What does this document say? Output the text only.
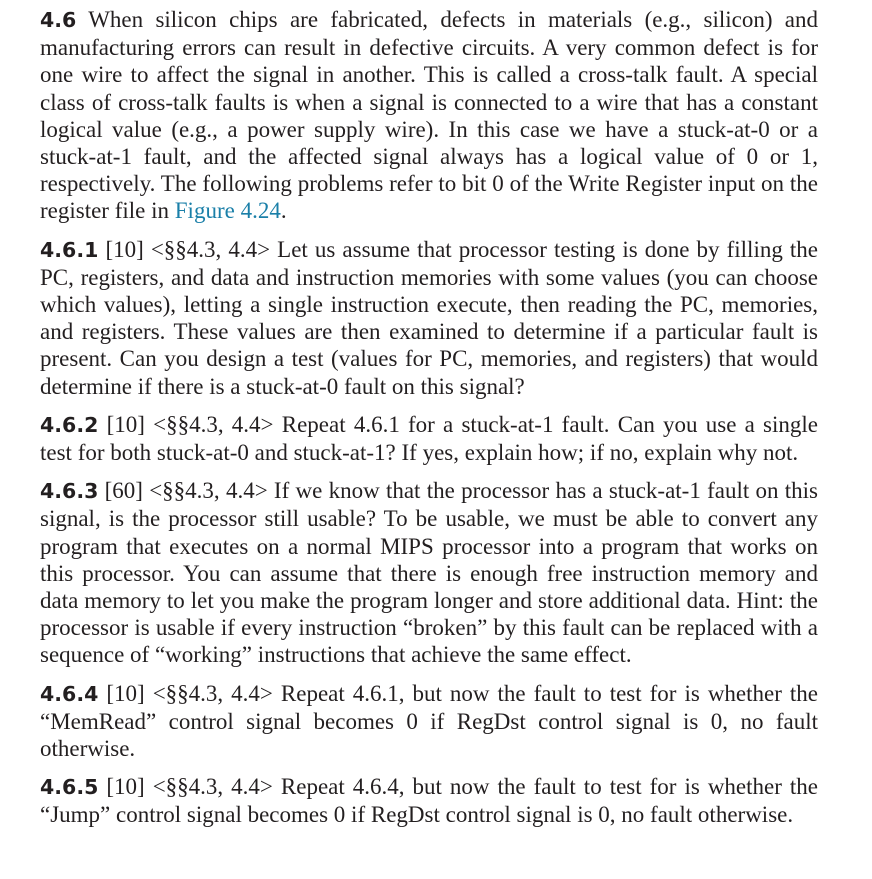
4.6 When silicon chips are fabricated, defects in materials (e.g., silicon) and manufacturing errors can result in defective circuits. A very common defect is for one wire to affect the signal in another. This is called a cross-talk fault. A special class of cross-talk faults is when a signal is connected to a wire that has a constant logical value (e.g., a power supply wire). In this case we have a stuck-at-0 or a stuck-at-1 fault, and the affected signal always has a logical value of 0 or 1, respectively. The following problems refer to bit 0 of the Write Register input on the register file in Figure 4.24.

4.6.1 [10] <§§4.3, 4.4> Let us assume that processor testing is done by filling the PC, registers, and data and instruction memories with some values (you can choose which values), letting a single instruction execute, then reading the PC, memories, and registers. These values are then examined to determine if a particular fault is present. Can you design a test (values for PC, memories, and registers) that would determine if there is a stuck-at-0 fault on this signal?

4.6.2 [10] <§§4.3, 4.4> Repeat 4.6.1 for a stuck-at-1 fault. Can you use a single test for both stuck-at-0 and stuck-at-1? If yes, explain how; if no, explain why not.

4.6.3 [60] <§§4.3, 4.4> If we know that the processor has a stuck-at-1 fault on this signal, is the processor still usable? To be usable, we must be able to convert any program that executes on a normal MIPS processor into a program that works on this processor. You can assume that there is enough free instruction memory and data memory to let you make the program longer and store additional data. Hint: the processor is usable if every instruction “broken” by this fault can be replaced with a sequence of “working” instructions that achieve the same effect.

4.6.4 [10] <§§4.3, 4.4> Repeat 4.6.1, but now the fault to test for is whether the “MemRead” control signal becomes 0 if RegDst control signal is 0, no fault otherwise.

4.6.5 [10] <§§4.3, 4.4> Repeat 4.6.4, but now the fault to test for is whether the “Jump” control signal becomes 0 if RegDst control signal is 0, no fault otherwise.
